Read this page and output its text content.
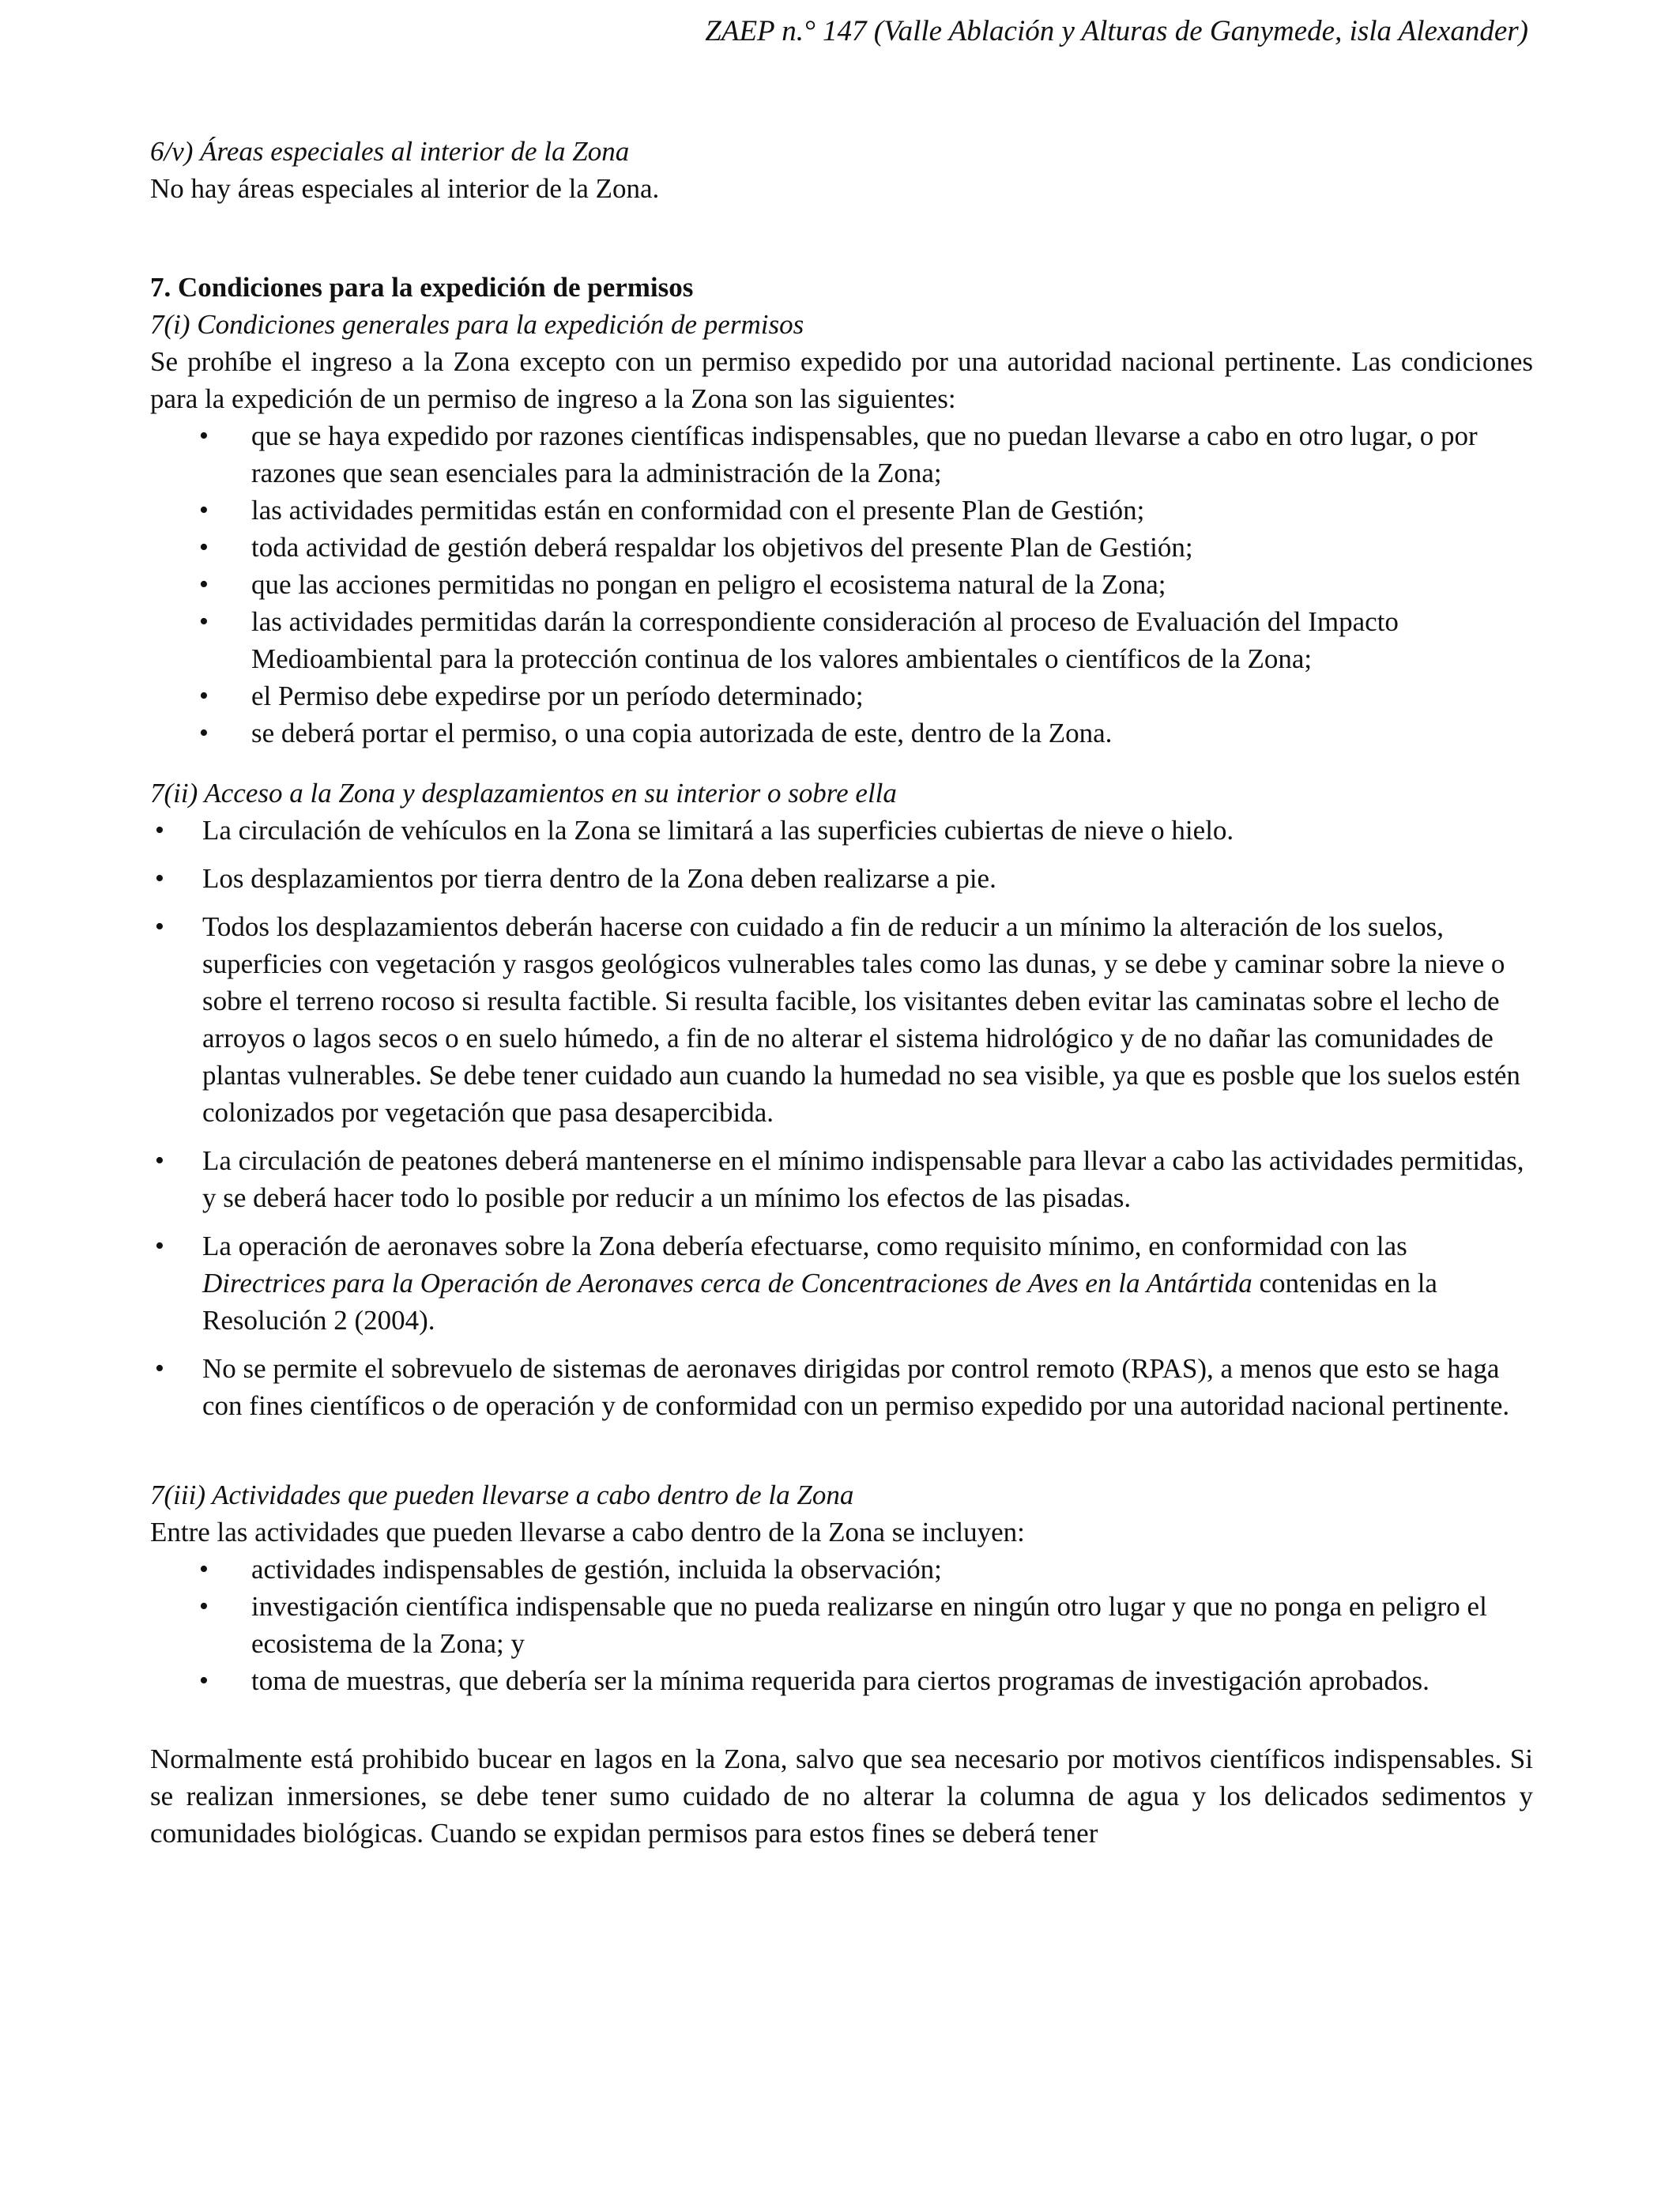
ZAEP n.° 147 (Valle Ablación y Alturas de Ganymede, isla Alexander)

6/v) Áreas especiales al interior de la Zona

No hay áreas especiales al interior de la Zona.

7. Condiciones para la expedición de permisos

7(i) Condiciones generales para la expedición de permisos

Se prohíbe el ingreso a la Zona excepto con un permiso expedido por una autoridad nacional pertinente. Las condiciones para la expedición de un permiso de ingreso a la Zona son las siguientes:

• que se haya expedido por razones científicas indispensables, que no puedan llevarse a cabo en otro lugar, o por razones que sean esenciales para la administración de la Zona;
• las actividades permitidas están en conformidad con el presente Plan de Gestión;
• toda actividad de gestión deberá respaldar los objetivos del presente Plan de Gestión;
• que las acciones permitidas no pongan en peligro el ecosistema natural de la Zona;
• las actividades permitidas darán la correspondiente consideración al proceso de Evaluación del Impacto Medioambiental para la protección continua de los valores ambientales o científicos de la Zona;
• el Permiso debe expedirse por un período determinado;
• se deberá portar el permiso, o una copia autorizada de este, dentro de la Zona.

7(ii) Acceso a la Zona y desplazamientos en su interior o sobre ella

• La circulación de vehículos en la Zona se limitará a las superficies cubiertas de nieve o hielo.
• Los desplazamientos por tierra dentro de la Zona deben realizarse a pie.
• Todos los desplazamientos deberán hacerse con cuidado a fin de reducir a un mínimo la alteración de los suelos, superficies con vegetación y rasgos geológicos vulnerables tales como las dunas, y se debe y caminar sobre la nieve o sobre el terreno rocoso si resulta factible. Si resulta facible, los visitantes deben evitar las caminatas sobre el lecho de arroyos o lagos secos o en suelo húmedo, a fin de no alterar el sistema hidrológico y de no dañar las comunidades de plantas vulnerables. Se debe tener cuidado aun cuando la humedad no sea visible, ya que es posble que los suelos estén colonizados por vegetación que pasa desapercibida.
• La circulación de peatones deberá mantenerse en el mínimo indispensable para llevar a cabo las actividades permitidas, y se deberá hacer todo lo posible por reducir a un mínimo los efectos de las pisadas.
• La operación de aeronaves sobre la Zona debería efectuarse, como requisito mínimo, en conformidad con las Directrices para la Operación de Aeronaves cerca de Concentraciones de Aves en la Antártida contenidas en la Resolución 2 (2004).
• No se permite el sobrevuelo de sistemas de aeronaves dirigidas por control remoto (RPAS), a menos que esto se haga con fines científicos o de operación y de conformidad con un permiso expedido por una autoridad nacional pertinente.

7(iii) Actividades que pueden llevarse a cabo dentro de la Zona

Entre las actividades que pueden llevarse a cabo dentro de la Zona se incluyen:

• actividades indispensables de gestión, incluida la observación;
• investigación científica indispensable que no pueda realizarse en ningún otro lugar y que no ponga en peligro el ecosistema de la Zona; y
• toma de muestras, que debería ser la mínima requerida para ciertos programas de investigación aprobados.

Normalmente está prohibido bucear en lagos en la Zona, salvo que sea necesario por motivos científicos indispensables. Si se realizan inmersiones, se debe tener sumo cuidado de no alterar la columna de agua y los delicados sedimentos y comunidades biológicas. Cuando se expidan permisos para estos fines se deberá tener
